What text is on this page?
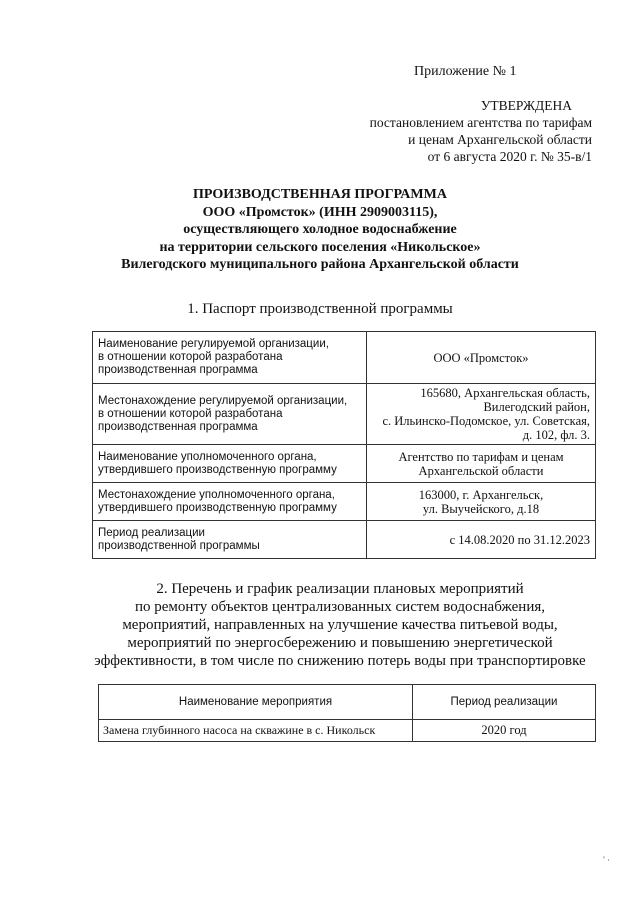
Приложение № 1
УТВЕРЖДЕНА
постановлением агентства по тарифам
и ценам Архангельской области
от 6 августа 2020 г. № 35-в/1
ПРОИЗВОДСТВЕННАЯ ПРОГРАММА
ООО «Промсток» (ИНН 2909003115),
осуществляющего холодное водоснабжение
на территории сельского поселения «Никольское»
Вилегодского муниципального района Архангельской области
1. Паспорт производственной программы
Наименование регулируемой организации,
в отношении которой разработана
производственная программа	ООО «Промсток»

Местонахождение регулируемой организации,
в отношении которой разработана
производственная программа	165680, Архангельская область,
Вилегодский район,
с. Ильинско-Подомское, ул. Советская,
д. 102, фл. 3.

Наименование уполномоченного органа,
утвердившего производственную программу	Агентство по тарифам и ценам
Архангельской области

Местонахождение уполномоченного органа,
утвердившего производственную программу	163000, г. Архангельск,
ул. Выучейского, д.18

Период реализации
производственной программы	с 14.08.2020 по 31.12.2023
2. Перечень и график реализации плановых мероприятий
по ремонту объектов централизованных систем водоснабжения,
мероприятий, направленных на улучшение качества питьевой воды,
мероприятий по энергосбережению и повышению энергетической
эффективности, в том числе по снижению потерь воды при транспортировке
Наименование мероприятия	Период реализации
Замена глубинного насоса на скважине в с. Никольск	2020 год
' ·
